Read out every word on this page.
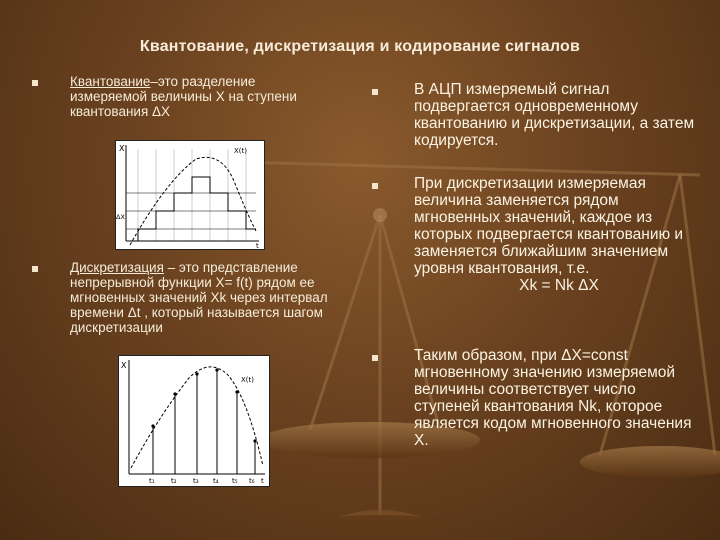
Квантование, дискретизация и кодирование сигналов
Квантование–это разделение измеряемой величины Х на ступени квантования ΔХ
X
t
X(t)
ΔX
Дискретизация – это представление непрерывной функции Х= f(t) рядом ее мгновенных значений Хk через интервал времени Δt , который называется шагом дискретизации
X
X(t)
t₁ t₂ t₃ t₄ t₅ t₆ t
В АЦП измеряемый сигнал подвергается одновременному квантованию и дискретизации, а затем кодируется.
При дискретизации измеряемая величина заменяется рядом мгновенных значений, каждое из которых подвергается квантованию и заменяется ближайшим значением уровня квантования, т.е.
Xk = Nk ΔX
Таким образом, при ΔX=const мгновенному значению измеряемой величины соответствует число ступеней квантования Nk, которое является кодом мгновенного значения Х.
